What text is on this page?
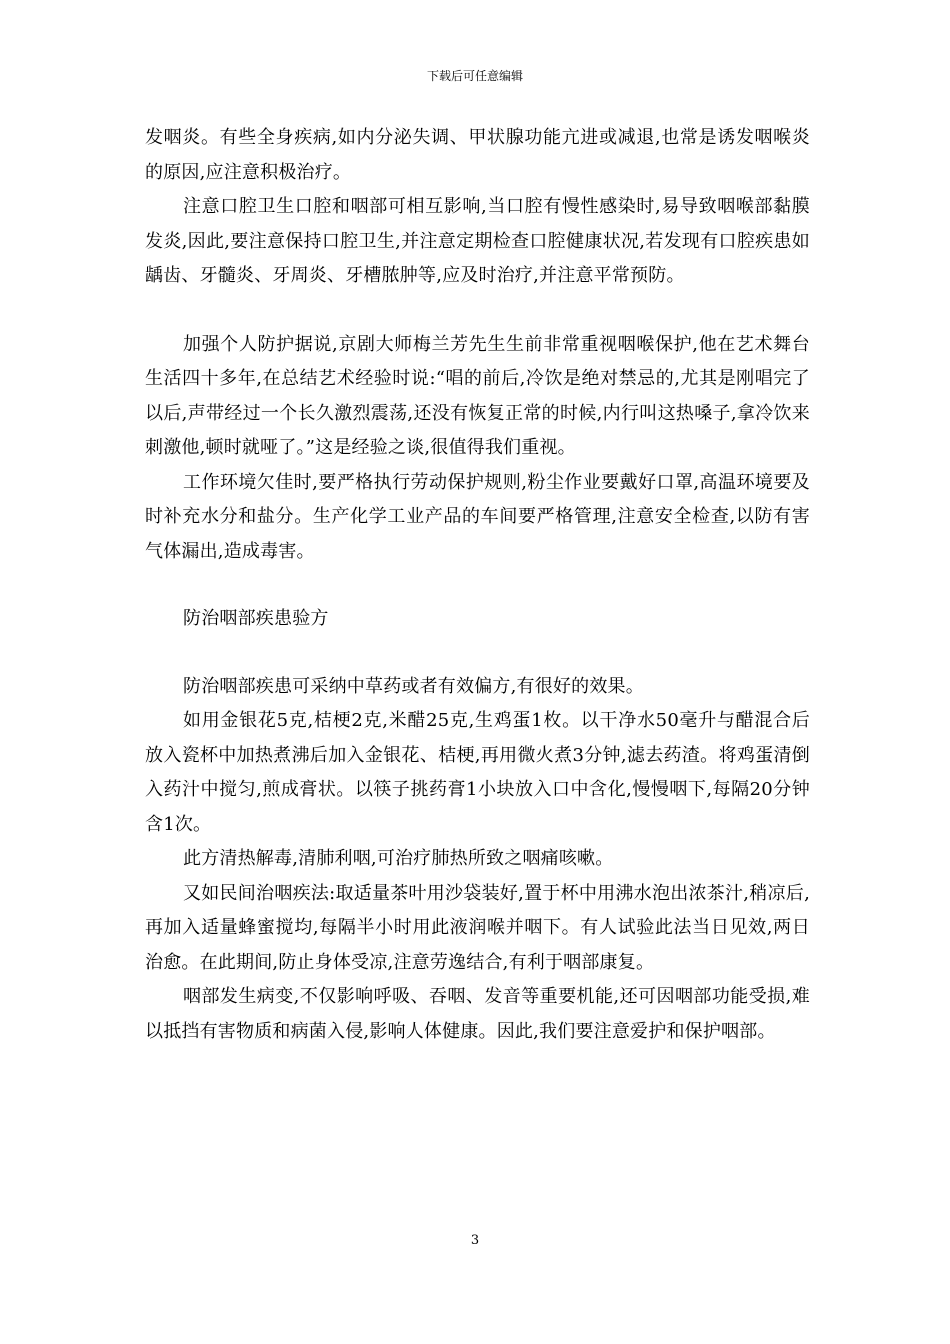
下载后可任意编辑

发咽炎。有些全身疾病,如内分泌失调、甲状腺功能亢进或减退,也常是诱发咽喉炎的原因,应注意积极治疗。

注意口腔卫生口腔和咽部可相互影响,当口腔有慢性感染时,易导致咽喉部黏膜发炎,因此,要注意保持口腔卫生,并注意定期检查口腔健康状况,若发现有口腔疾患如龋齿、牙髓炎、牙周炎、牙槽脓肿等,应及时治疗,并注意平常预防。

加强个人防护据说,京剧大师梅兰芳先生生前非常重视咽喉保护,他在艺术舞台生活四十多年,在总结艺术经验时说:“唱的前后,冷饮是绝对禁忌的,尤其是刚唱完了以后,声带经过一个长久激烈震荡,还没有恢复正常的时候,内行叫这热嗓子,拿冷饮来刺激他,顿时就哑了。”这是经验之谈,很值得我们重视。

工作环境欠佳时,要严格执行劳动保护规则,粉尘作业要戴好口罩,高温环境要及时补充水分和盐分。生产化学工业产品的车间要严格管理,注意安全检查,以防有害气体漏出,造成毒害。

防治咽部疾患验方

防治咽部疾患可采纳中草药或者有效偏方,有很好的效果。

如用金银花5克,桔梗2克,米醋25克,生鸡蛋1枚。以干净水50毫升与醋混合后放入瓷杯中加热煮沸后加入金银花、桔梗,再用微火煮3分钟,滤去药渣。将鸡蛋清倒入药汁中搅匀,煎成膏状。以筷子挑药膏1小块放入口中含化,慢慢咽下,每隔20分钟含1次。

此方清热解毒,清肺利咽,可治疗肺热所致之咽痛咳嗽。

又如民间治咽疾法:取适量茶叶用沙袋装好,置于杯中用沸水泡出浓茶汁,稍凉后,再加入适量蜂蜜搅均,每隔半小时用此液润喉并咽下。有人试验此法当日见效,两日治愈。在此期间,防止身体受凉,注意劳逸结合,有利于咽部康复。

咽部发生病变,不仅影响呼吸、吞咽、发音等重要机能,还可因咽部功能受损,难以抵挡有害物质和病菌入侵,影响人体健康。因此,我们要注意爱护和保护咽部。

3
